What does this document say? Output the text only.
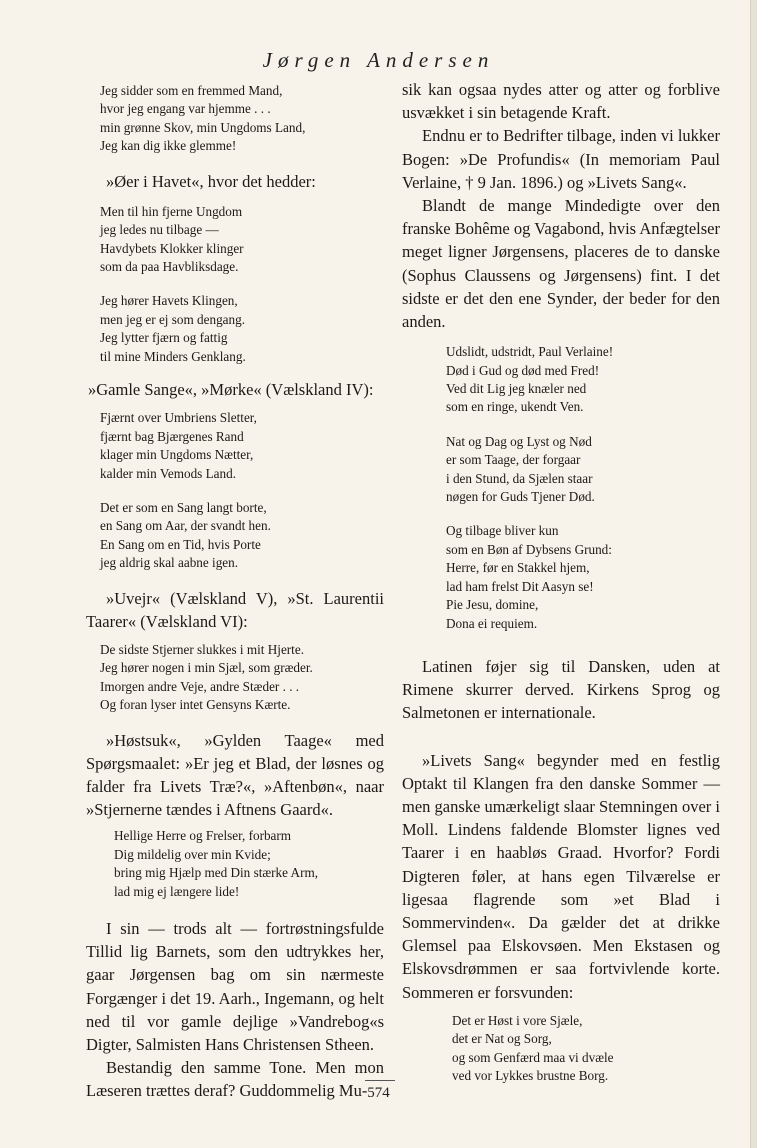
Jørgen Andersen
Jeg sidder som en fremmed Mand,
hvor jeg engang var hjemme . . .
min grønne Skov, min Ungdoms Land,
Jeg kan dig ikke glemme!

»Øer i Havet«, hvor det hedder:

Men til hin fjerne Ungdom
jeg ledes nu tilbage —
Havdybets Klokker klinger
som da paa Havbliksdage.
Jeg hører Havets Klingen,
men jeg er ej som dengang.
Jeg lytter fjærn og fattig
til mine Minders Genklang.

»Gamle Sange«, »Mørke« (Vælskland IV):

Fjærnt over Umbriens Sletter,
fjærnt bag Bjærgenes Rand
klager min Ungdoms Nætter,
kalder min Vemods Land.
Det er som en Sang langt borte,
en Sang om Aar, der svandt hen.
En Sang om en Tid, hvis Porte
jeg aldrig skal aabne igen.

»Uvejr« (Vælskland V), »St. Laurentii Taarer« (Vælskland VI):

De sidste Stjerner slukkes i mit Hjerte.
Jeg hører nogen i min Sjæl, som græder.
Imorgen andre Veje, andre Stæder . . .
Og foran lyser intet Gensyns Kærte.

»Høstsuk«, »Gylden Taage« med Spørgsmaalet: »Er jeg et Blad, der løsnes og falder fra Livets Træ?«, »Aftenbøn«, naar »Stjernerne tændes i Aftnens Gaard«.

Hellige Herre og Frelser, forbarm
Dig mildelig over min Kvide;
bring mig Hjælp med Din stærke Arm,
lad mig ej længere lide!

I sin — trods alt — fortrøstningsfulde Tillid lig Barnets, som den udtrykkes her, gaar Jørgensen bag om sin nærmeste Forgænger i det 19. Aarh., Ingemann, og helt ned til vor gamle dejlige »Vandrebog«s Digter, Salmisten Hans Christensen Stheen.

Bestandig den samme Tone. Men mon Læseren trættes deraf? Guddommelig Mu-

sik kan ogsaa nydes atter og atter og forblive usvækket i sin betagende Kraft.

Endnu er to Bedrifter tilbage, inden vi lukker Bogen: »De Profundis« (In memoriam Paul Verlaine, † 9 Jan. 1896.) og »Livets Sang«.

Blandt de mange Mindedigte over den franske Bohême og Vagabond, hvis Anfægtelser meget ligner Jørgensens, placeres de to danske (Sophus Claussens og Jørgensens) fint. I det sidste er det den ene Synder, der beder for den anden.

Udslidt, udstridt, Paul Verlaine!
Død i Gud og død med Fred!
Ved dit Lig jeg knæler ned
som en ringe, ukendt Ven.
Nat og Dag og Lyst og Nød
er som Taage, der forgaar
i den Stund, da Sjælen staar
nøgen for Guds Tjener Død.
Og tilbage bliver kun
som en Bøn af Dybsens Grund:
Herre, før en Stakkel hjem,
lad ham frelst Dit Aasyn se!
Pie Jesu, domine,
Dona ei requiem.

Latinen føjer sig til Dansken, uden at Rimene skurrer derved. Kirkens Sprog og Salmetonen er internationale.

»Livets Sang« begynder med en festlig Optakt til Klangen fra den danske Sommer — men ganske umærkeligt slaar Stemningen over i Moll. Lindens faldende Blomster lignes ved Taarer i en haabløs Graad. Hvorfor? Fordi Digteren føler, at hans egen Tilværelse er ligesaa flagrende som »et Blad i Sommervinden«. Da gælder det at drikke Glemsel paa Elskovsøen. Men Ekstasen og Elskovsdrømmen er saa fortvivlende korte. Sommeren er forsvunden:

Det er Høst i vore Sjæle,
det er Nat og Sorg,
og som Genfærd maa vi dvæle
ved vor Lykkes brustne Borg.
574
